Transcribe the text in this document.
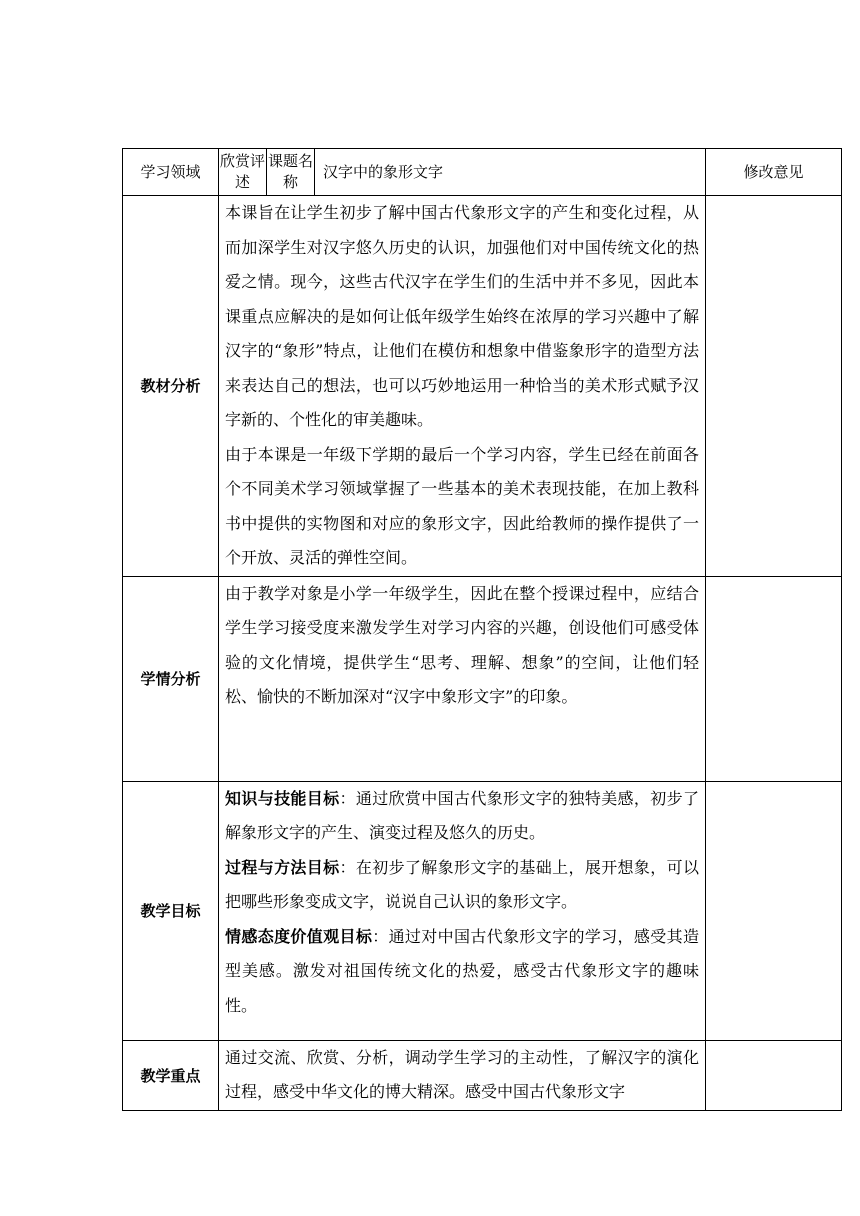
学习领域	欣赏评述	课题名称	汉字中的象形文字	修改意见
教材分析	本课旨在让学生初步了解中国古代象形文字的产生和变化过程，从而加深学生对汉字悠久历史的认识，加强他们对中国传统文化的热爱之情。现今，这些古代汉字在学生们的生活中并不多见，因此本课重点应解决的是如何让低年级学生始终在浓厚的学习兴趣中了解汉字的“象形”特点，让他们在模仿和想象中借鉴象形字的造型方法来表达自己的想法，也可以巧妙地运用一种恰当的美术形式赋予汉字新的、个性化的审美趣味。

由于本课是一年级下学期的最后一个学习内容，学生已经在前面各个不同美术学习领域掌握了一些基本的美术表现技能，在加上教科书中提供的实物图和对应的象形文字，因此给教师的操作提供了一个开放、灵活的弹性空间。			

学情分析	由于教学对象是小学一年级学生，因此在整个授课过程中，应结合学生学习接受度来激发学生对学习内容的兴趣，创设他们可感受体验的文化情境，提供学生“思考、理解、想象”的空间，让他们轻松、愉快的不断加深对“汉字中象形文字”的印象。			

教学目标	知识与技能目标：通过欣赏中国古代象形文字的独特美感，初步了解象形文字的产生、演变过程及悠久的历史。

过程与方法目标：在初步了解象形文字的基础上，展开想象，可以把哪些形象变成文字，说说自己认识的象形文字。

情感态度价值观目标：通过对中国古代象形文字的学习，感受其造型美感。激发对祖国传统文化的热爱，感受古代象形文字的趣味性。			

教学重点	通过交流、欣赏、分析，调动学生学习的主动性，了解汉字的演化过程，感受中华文化的博大精深。感受中国古代象形文字			
